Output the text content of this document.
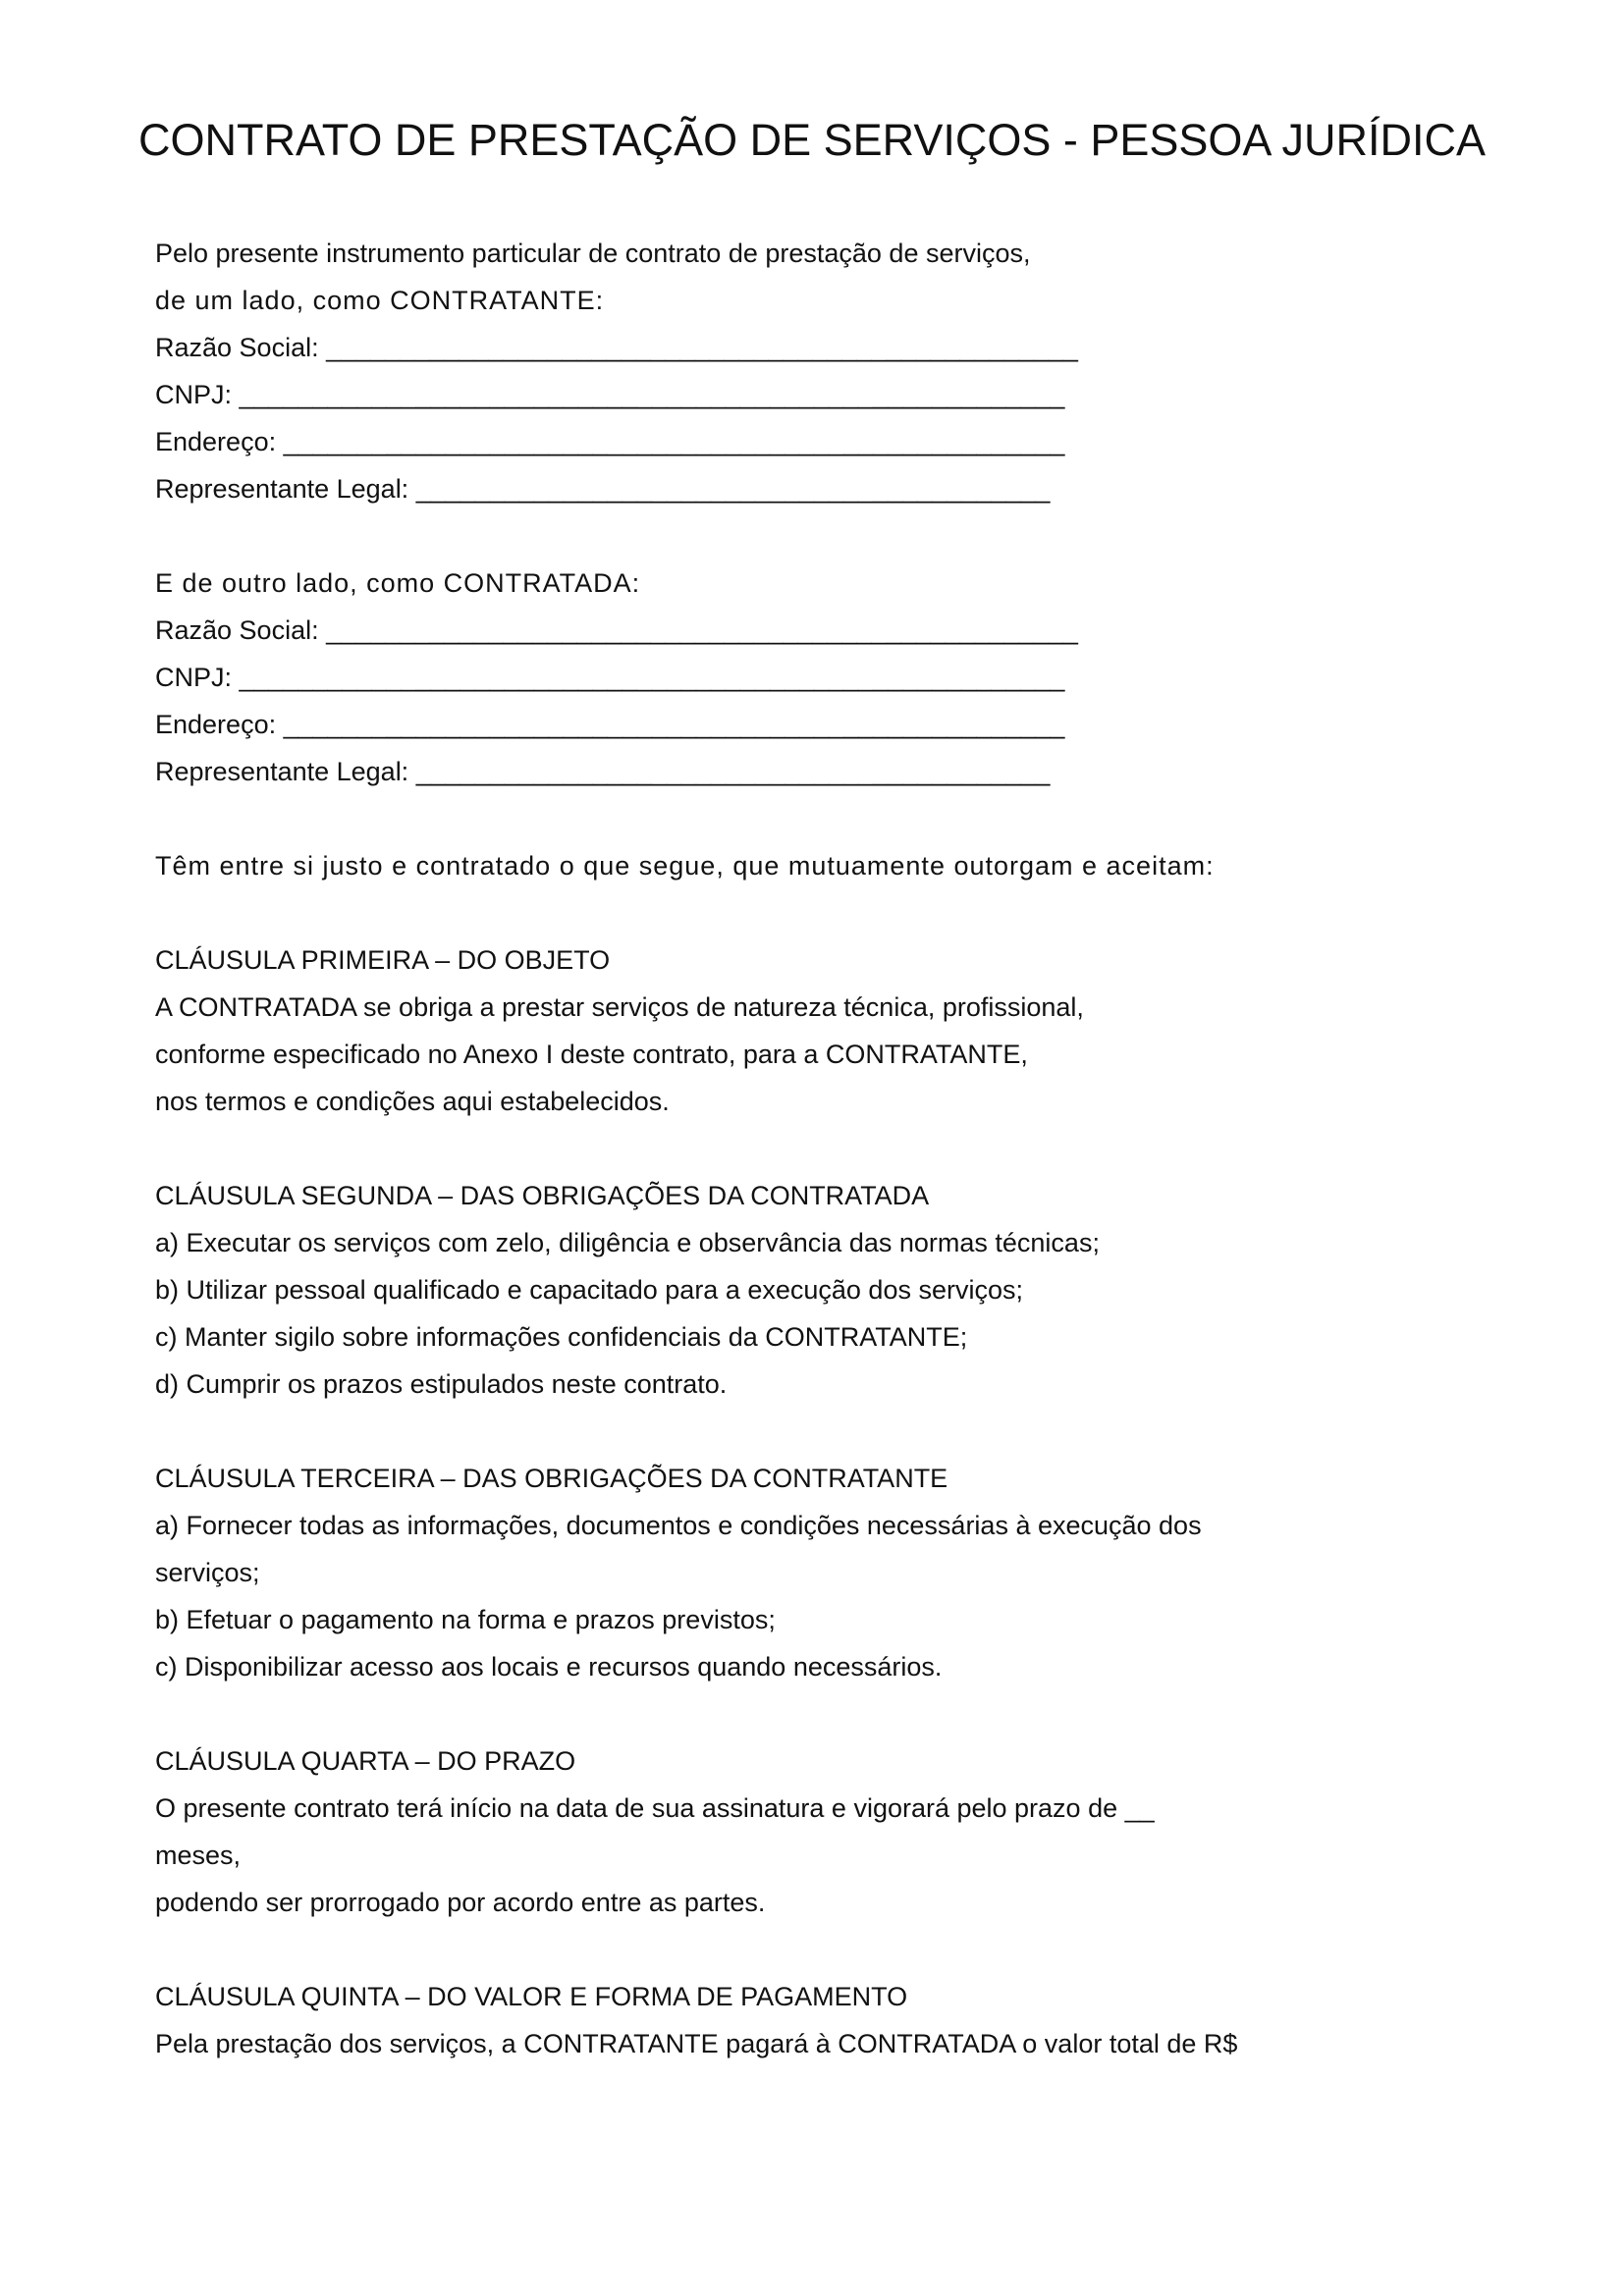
CONTRATO DE PRESTAÇÃO DE SERVIÇOS - PESSOA JURÍDICA
Pelo presente instrumento particular de contrato de prestação de serviços,
de um lado, como CONTRATANTE:
Razão Social: ___________________________________________________
CNPJ: ________________________________________________________
Endereço: _____________________________________________________
Representante Legal: ___________________________________________
E de outro lado, como CONTRATADA:
Razão Social: ___________________________________________________
CNPJ: ________________________________________________________
Endereço: _____________________________________________________
Representante Legal: ___________________________________________
Têm entre si justo e contratado o que segue, que mutuamente outorgam e aceitam:
CLÁUSULA PRIMEIRA – DO OBJETO
A CONTRATADA se obriga a prestar serviços de natureza técnica, profissional,
conforme especificado no Anexo I deste contrato, para a CONTRATANTE,
nos termos e condições aqui estabelecidos.
CLÁUSULA SEGUNDA – DAS OBRIGAÇÕES DA CONTRATADA
a) Executar os serviços com zelo, diligência e observância das normas técnicas;
b) Utilizar pessoal qualificado e capacitado para a execução dos serviços;
c) Manter sigilo sobre informações confidenciais da CONTRATANTE;
d) Cumprir os prazos estipulados neste contrato.
CLÁUSULA TERCEIRA – DAS OBRIGAÇÕES DA CONTRATANTE
a) Fornecer todas as informações, documentos e condições necessárias à execução dos
serviços;
b) Efetuar o pagamento na forma e prazos previstos;
c) Disponibilizar acesso aos locais e recursos quando necessários.
CLÁUSULA QUARTA – DO PRAZO
O presente contrato terá início na data de sua assinatura e vigorará pelo prazo de __
meses,
podendo ser prorrogado por acordo entre as partes.
CLÁUSULA QUINTA – DO VALOR E FORMA DE PAGAMENTO
Pela prestação dos serviços, a CONTRATANTE pagará à CONTRATADA o valor total de R$
